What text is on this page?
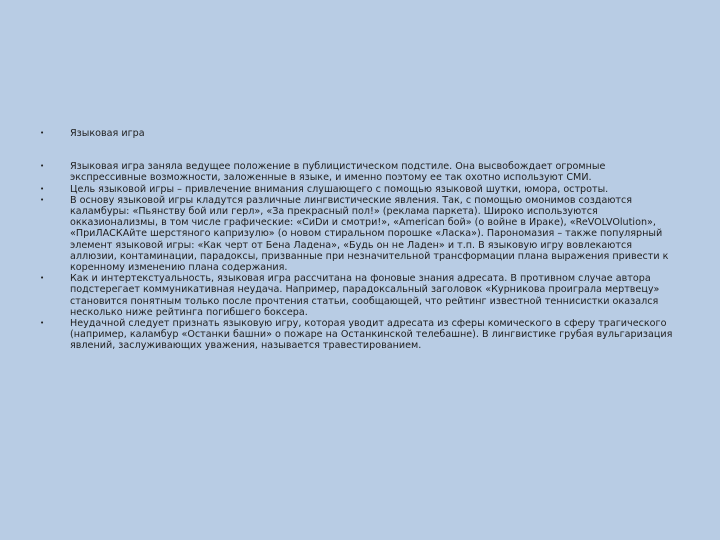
•	Языковая игра
•	Языковая игра заняла ведущее положение в публицистическом подстиле. Она высвобождает огромные экспрессивные возможности, заложенные в языке, и именно поэтому ее так охотно используют СМИ.
•	Цель языковой игры – привлечение внимания слушающего с помощью языковой шутки, юмора, остроты.
•	В основу языковой игры кладутся различные лингвистические явления. Так, с помощью омонимов создаются каламбуры: «Пьянству бой или герл», «За прекрасный пол!» (реклама паркета). Широко используются окказионализмы, в том числе графические: «СиDи и смотри!», «American бой» (о войне в Ираке), «ReVOLVOlution», «ПриЛАСКАйте шерстяного капризулю» (о новом стиральном порошке «Ласка»). Парономазия – также популярный элемент языковой игры: «Как черт от Бена Ладена», «Будь он не Ладен» и т.п. В языковую игру вовлекаются аллюзии, контаминации, парадоксы, призванные при незначительной трансформации плана выражения привести к коренному изменению плана содержания.
•	Как и интертекстуальность, языковая игра рассчитана на фоновые знания адресата. В противном случае автора подстерегает коммуникативная неудача. Например, парадоксальный заголовок «Курникова проиграла мертвецу» становится понятным только после прочтения статьи, сообщающей, что рейтинг известной теннисистки оказался несколько ниже рейтинга погибшего боксера.
•	Неудачной следует признать языковую игру, которая уводит адресата из сферы комического в сферу трагического (например, каламбур «Останки башни» о пожаре на Останкинской телебашне). В лингвистике грубая вульгаризация явлений, заслуживающих уважения, называется травестированием.
